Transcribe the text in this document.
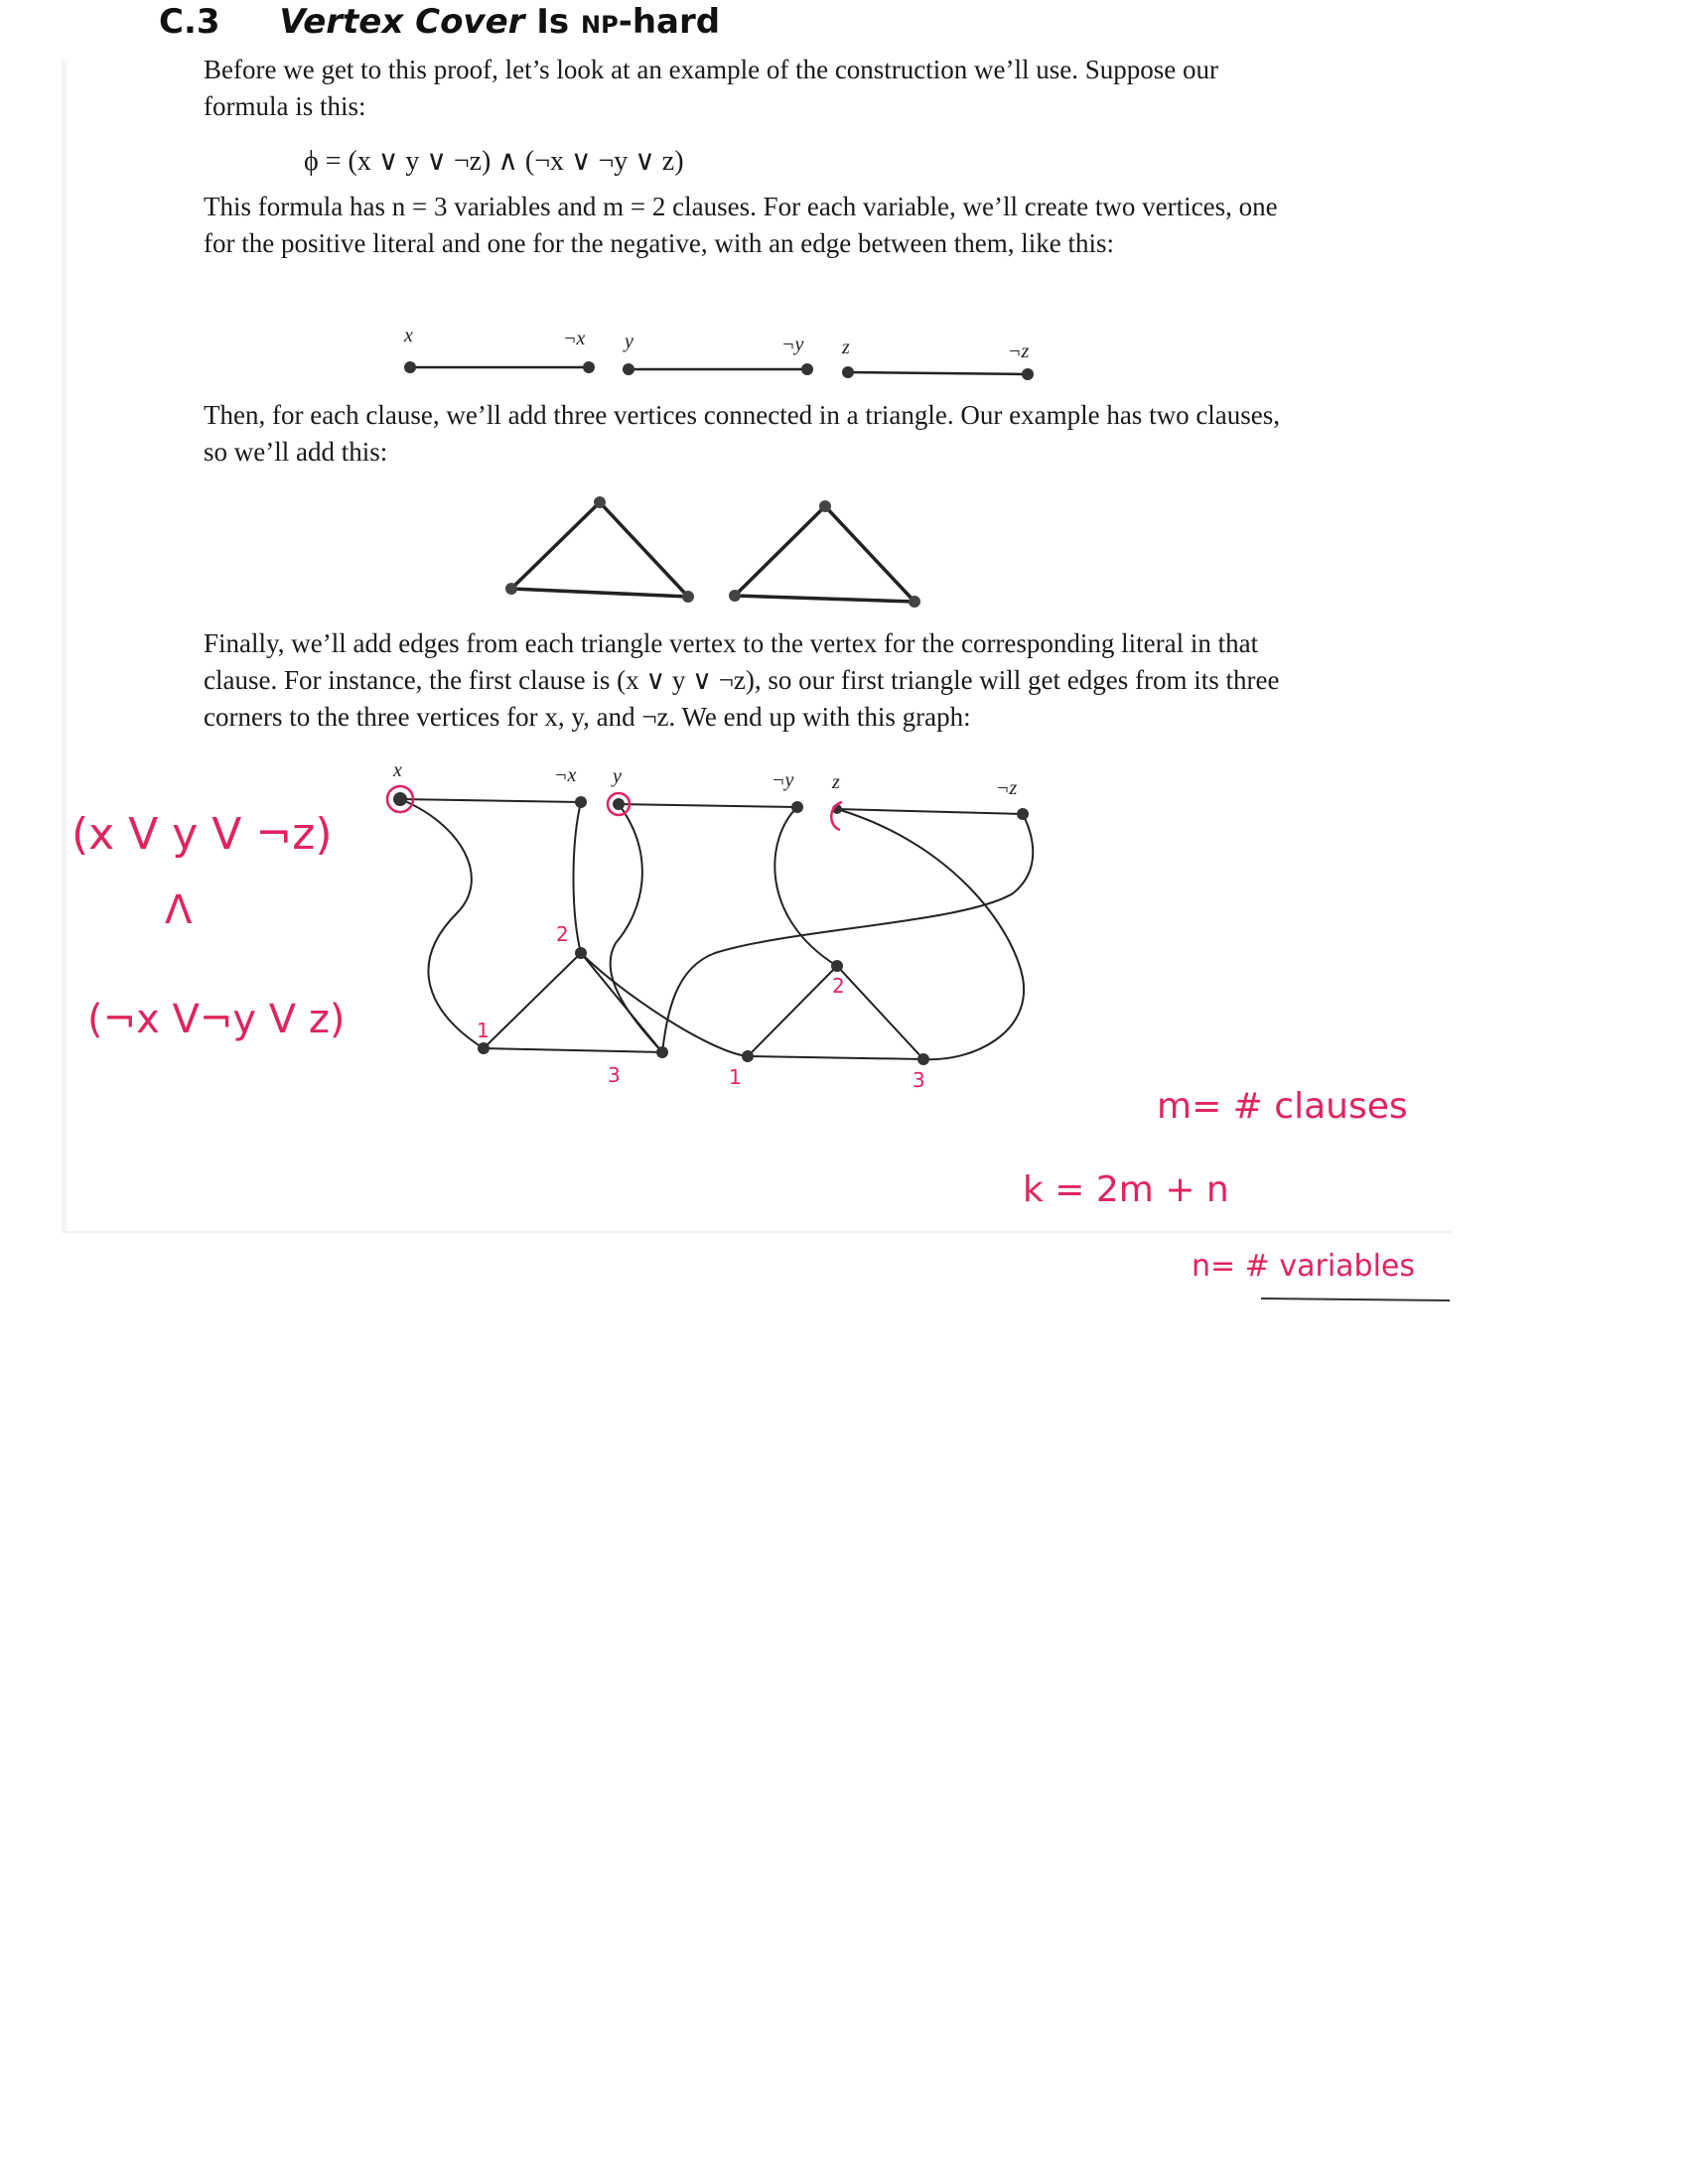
C.3 Vertex Cover Is NP-hard

Before we get to this proof, let’s look at an example of the construction we’ll use. Suppose our formula is this:

ϕ = (x ∨ y ∨ ¬z) ∧ (¬x ∨ ¬y ∨ z)

This formula has n = 3 variables and m = 2 clauses. For each variable, we’ll create two vertices, one for the positive literal and one for the negative, with an edge between them, like this:

Then, for each clause, we’ll add three vertices connected in a triangle. Our example has two clauses, so we’ll add this:

Finally, we’ll add edges from each triangle vertex to the vertex for the corresponding literal in that clause. For instance, the first clause is (x ∨ y ∨ ¬z), so our first triangle will get edges from its three corners to the three vertices for x, y, and ¬z. We end up with this graph:

x	¬x y	¬y z	¬z
x	¬x y	¬y z	¬z
(x V y V ¬z)
Λ
(¬x V¬y V z)	1
2
3	1
2
3
m= # clauses
k = 2m + n
n= # variables
